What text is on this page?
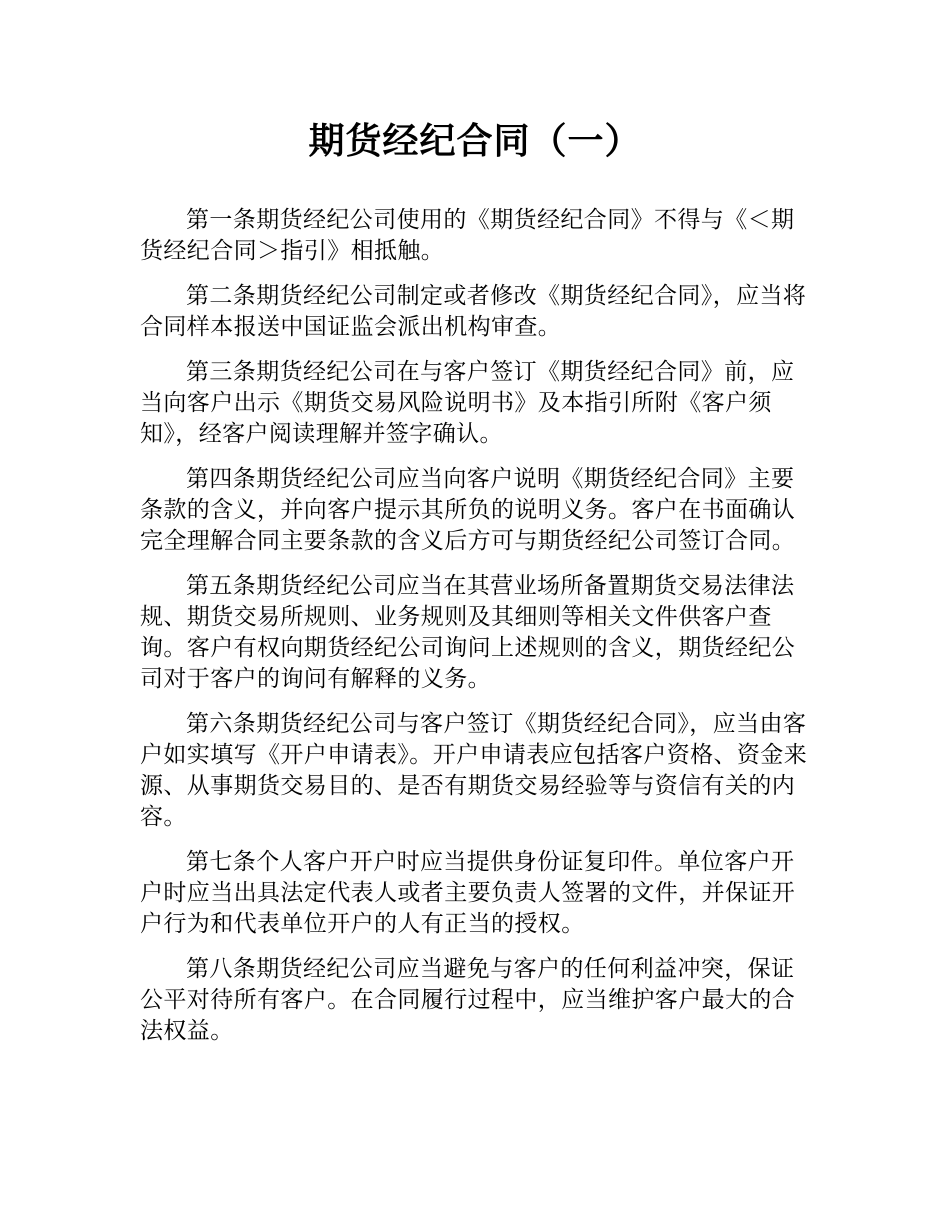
期货经纪合同（一）

第一条期货经纪公司使用的《期货经纪合同》不得与《＜期货经纪合同＞指引》相抵触。

第二条期货经纪公司制定或者修改《期货经纪合同》，应当将合同样本报送中国证监会派出机构审查。

第三条期货经纪公司在与客户签订《期货经纪合同》前，应当向客户出示《期货交易风险说明书》及本指引所附《客户须知》，经客户阅读理解并签字确认。

第四条期货经纪公司应当向客户说明《期货经纪合同》主要条款的含义，并向客户提示其所负的说明义务。客户在书面确认完全理解合同主要条款的含义后方可与期货经纪公司签订合同。

第五条期货经纪公司应当在其营业场所备置期货交易法律法规、期货交易所规则、业务规则及其细则等相关文件供客户查询。客户有权向期货经纪公司询问上述规则的含义，期货经纪公司对于客户的询问有解释的义务。

第六条期货经纪公司与客户签订《期货经纪合同》，应当由客户如实填写《开户申请表》。开户申请表应包括客户资格、资金来源、从事期货交易目的、是否有期货交易经验等与资信有关的内容。

第七条个人客户开户时应当提供身份证复印件。单位客户开户时应当出具法定代表人或者主要负责人签署的文件，并保证开户行为和代表单位开户的人有正当的授权。

第八条期货经纪公司应当避免与客户的任何利益冲突，保证公平对待所有客户。在合同履行过程中，应当维护客户最大的合法权益。
